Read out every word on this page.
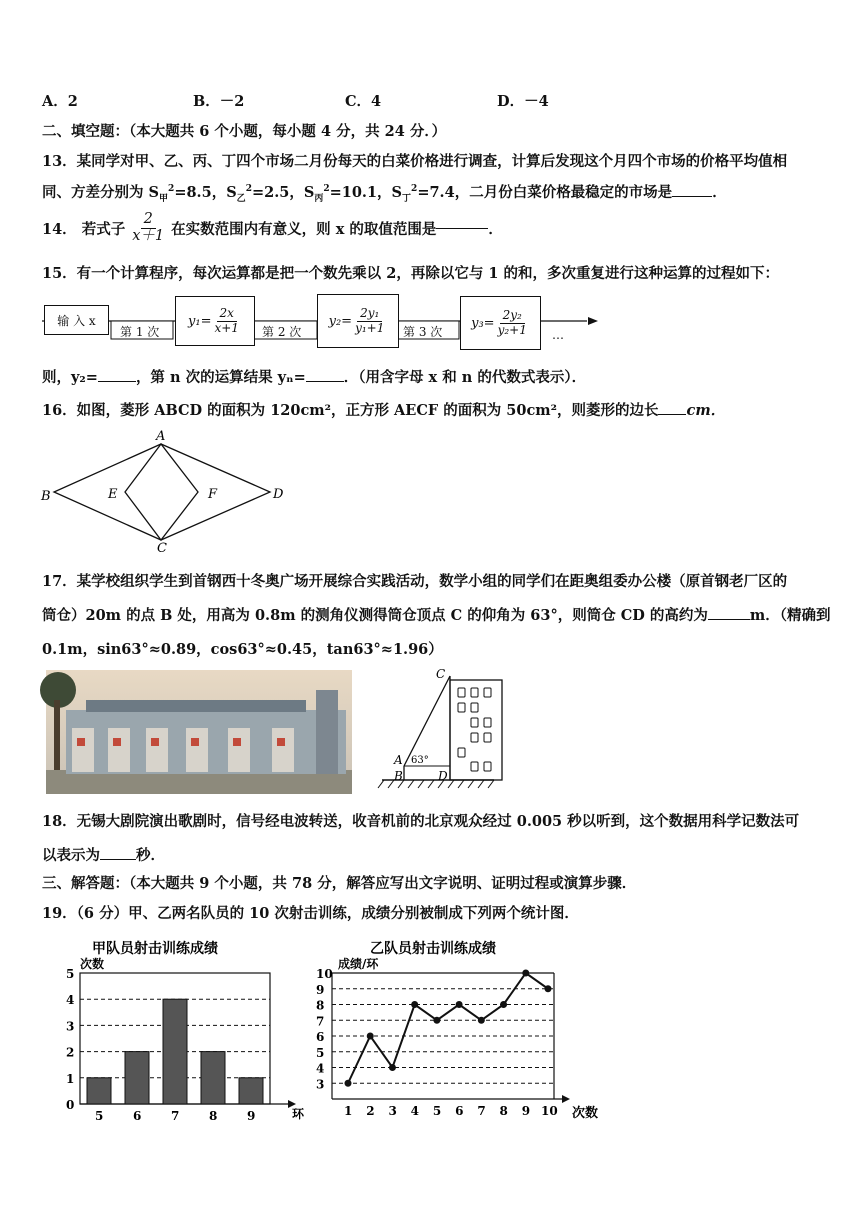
A．2	B．－2	C．4	D．－4
二、填空题：（本大题共 6 个小题，每小题 4 分，共 24 分．）
13．某同学对甲、乙、丙、丁四个市场二月份每天的白菜价格进行调查，计算后发现这个月四个市场的价格平均值相
同、方差分别为 $S_甲^2=8.5$，$S_乙^2=2.5$，$S_丙^2=10.1$，$S_丁^2=7.4$，二月份白菜价格最稳定的市场是	．
14． 若式子 $\frac{2}{x+1}$ 在实数范围内有意义，则 x 的取值范围是	．
15．有一个计算程序，每次运算都是把一个数先乘以 2，再除以它与 1 的和，多次重复进行这种运算的过程如下：
输 入 x
第 1 次	第 2 次	第 3 次
$y_1= \frac{2x}{x+1}$	$y_2= \frac{\text{2y₁}}{\text{y₁+1}}$	$y_3= \frac{\text{2y₂}}{\text{y₂+1}}$ …
则，y₂=	，第 n 次的运算结果 yₙ=	．（用含字母 x 和 n 的代数式表示）．
16．如图，菱形 ABCD 的面积为 120cm²，正方形 AECF 的面积为 50cm²，则菱形的边长 cm．
A
B
C
D
E	F
17．某学校组织学生到首钢西十冬奥广场开展综合实践活动，数学小组的同学们在距奥组委办公楼（原首钢老厂区的
筒仓）20m 的点 B 处，用高为 0.8m 的测角仪测得筒仓顶点 C 的仰角为 63°，则筒仓 CD 的高约为	m．（精确到
0.1m，sin63°≈0.89，cos63°≈0.45，tan63°≈1.96）
C
A
B	D
63°
18．无锡大剧院演出歌剧时，信号经电波转送，收音机前的北京观众经过 0.005 秒以听到，这个数据用科学记数法可
以表示为 秒．
三、解答题：（本大题共 9 个小题，共 78 分，解答应写出文字说明、证明过程或演算步骤．
19．（6 分）甲、乙两名队员的 10 次射击训练，成绩分别被制成下列两个统计图．
甲队员射击训练成绩
次数
0
1
2
3
4
5
环
5 6 7 8 9
乙队员射击训练成绩
成绩/环
3
4
5
6
7
8
9
10
次数
1 2 3 4 5 6 7 8 9 10
